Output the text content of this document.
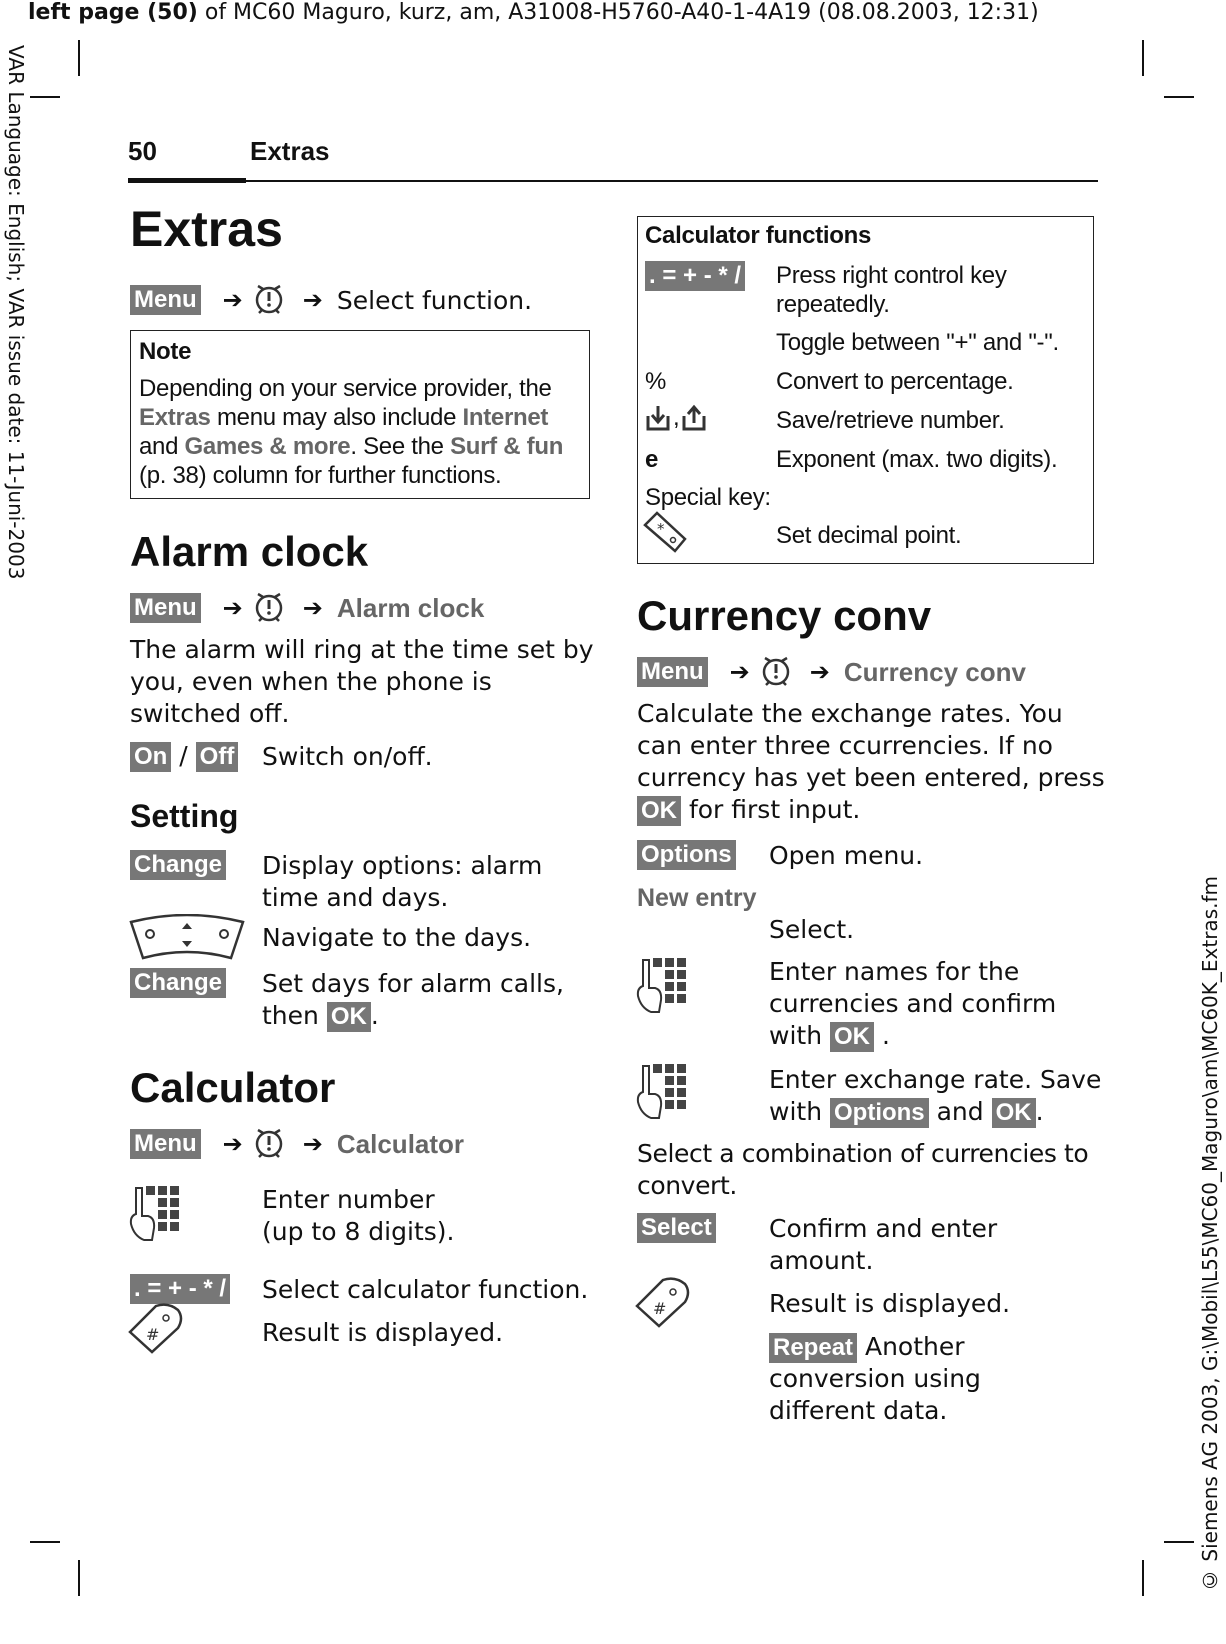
left page (50) of MC60 Maguro, kurz, am, A31008-H5760-A40-1-4A19 (08.08.2003, 12:31)
VAR Language: English; VAR issue date: 11-Juni-2003
© Siemens AG 2003, G:\Mobil\L55\MC60_Maguro\am\MC60K_Extras.fm
50	Extras
Extras
Menu ➔	➔ Select function.
Note
Depending on your service provider, the
Extras menu may also include Internet
and Games & more. See the Surf & fun
(p. 38) column for further functions.
Alarm clock
Menu ➔	➔ Alarm clock
The alarm will ring at the time set by
you, even when the phone is
switched off.
On / Off Switch on/off.
Setting
Change Display options: alarm
time and days.
Navigate to the days.
Change Set days for alarm calls,
then OK .
Calculator
Menu ➔	➔ Calculator
Enter number
(up to 8 digits).
. = + - * / Select calculator function.
#	Result is displayed.
Calculator functions
. = + - * / Press right control key
repeatedly.
Toggle between "+" and "-".
%	Convert to percentage.
,	Save/retrieve number.
e	Exponent (max. two digits).
Special key:
*	Set decimal point.
Currency conv
Menu ➔	➔ Currency conv
Calculate the exchange rates. You
can enter three ccurrencies. If no
currency has yet been entered, press
OK for first input.
Options Open menu.
New entry
Select.
Enter names for the
currencies and confirm
with OK .
Enter exchange rate. Save
with Options and OK .
Select a combination of currencies to
convert.
Select Confirm and enter
amount.
#	Result is displayed.
Repeat Another
conversion using
different data.
